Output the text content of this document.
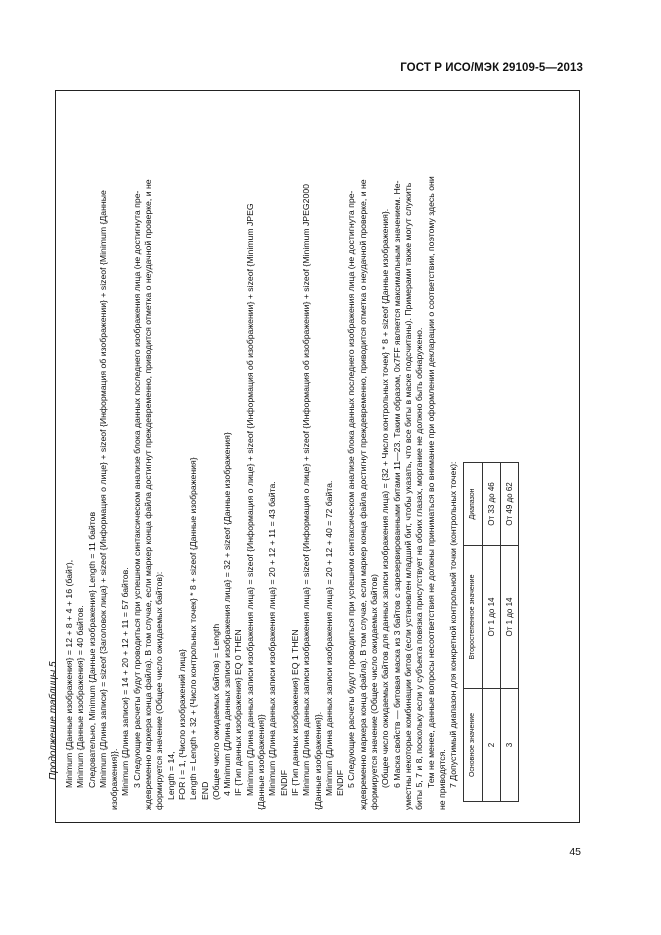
ГОСТ Р ИСО/МЭК 29109-5—2013
Продолжение таблицы 5 Minimum {Данные изображения} = 12 + 8 + 4 + 16 (байт), Minimum {Данные изображения} = 40 байтов. Следовательно, Minimum {Данные изображения} Length = 11 байтов Minimum {Длина записи} = sizeof {Заголовок лица} + sizeof {Информация о лице} + sizeof {Информация об изображении} + sizeof {Minimum {Данные изображения}}. Minimum {Длина записи} = 14 + 20 + 12 + 11 = 57 байтов. 3 Следующие расчеты будут проводиться при успешном синтаксическом анализе блока данных последнего изображения лица (не достигнута пре- ждевременно маркера конца файла). В том случае, если маркер конца файла достигнут преждевременно, приводится отметка о неудачной проверке, и не формируется значение (Общее число ожидаемых байтов): Length = 14, FOR i = 1, {Число изображений лица} Length = Length + 32 + {Число контрольных точек} * 8 + sizeof {Данные изображения} END (Общее число ожидаемых байтов) = Length 4 Minimum {Длина данных записи изображения лица} = 32 + sizeof {Данные изображения} IF {Тип данных изображения} EQ 0 THEN Minimum {Длина данных записи изображения лица} = sizeof {Информация о лице} + sizeof {Информация об изображении} + sizeof {Minimum JPEG {Данные изображения}} Minimum {Длина данных записи изображения лица} = 20 + 12 + 11 = 43 байта. ENDIF IF {Тип данных изображения} EQ 1 THEN Minimum {Длина данных записи изображения лица} = sizeof {Информация о лице} + sizeof {Информация об изображении} + sizeof {Minimum JPEG2000 {Данные изображения}}. Minimum {Длина данных записи изображения лица} = 20 + 12 + 40 = 72 байта. ENDIF 5 Следующие расчеты будут проводиться при успешном синтаксическом анализе блока данных последнего изображения лица (не достигнута пре- ждевременно маркера конца файла). В том случае, если маркер конца файла достигнут преждевременно, приводится отметка о неудачной проверке, и не формируется значение (Общее число ожидаемых байтов) (Общее число ожидаемых байтов для данных записи изображения лица) = {32 + Число контрольных точек} * 8 + sizeof {Данные изображения}. 6 Маска свойств — битовая маска из 3 байтов с зарезервированными битами 11—23. Таким образом, 0x7FF является максимальным значением. Не- уместны некоторые комбинации битов (если установлен младший бит, чтобы указать, что все биты в маске подсчитаны). Примерами также могут служить биты 5, 7 и 8, поскольку если у субъекта повязка присутствует на обоих глазах, моргание не должно быть обнаружено. Тем не менее, данные вопросы несоответствия не должны приниматься во внимание при оформлении декларации о соответствии, поэтому здесь они не приводятся. 7 Допустимый диапазон для конкретной контрольной точки (контрольных точек): Основное значение	Второстепенное значение	Диапазон
2	От 1 до 14	От 33 до 46
3	От 1 до 14	От 49 до 62
45
